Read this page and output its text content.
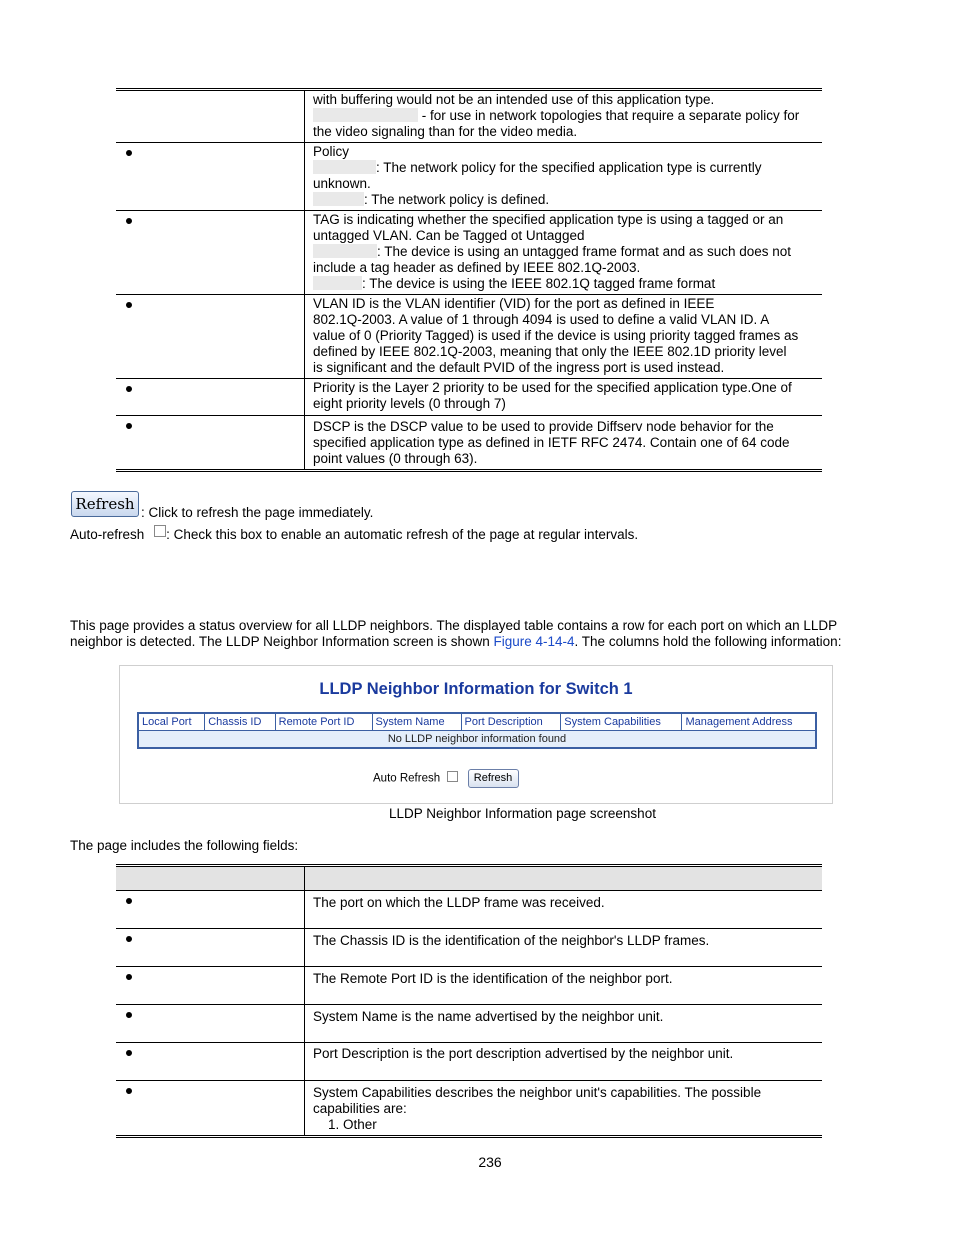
	with buffering would not be an intended use of this application type.
- for use in network topologies that require a separate policy for
the video signaling than for the video media.

	Policy
: The network policy for the specified application type is currently
unknown.
: The network policy is defined.

	TAG is indicating whether the specified application type is using a tagged or an
untagged VLAN. Can be Tagged ot Untagged
: The device is using an untagged frame format and as such does not
include a tag header as defined by IEEE 802.1Q-2003.
: The device is using the IEEE 802.1Q tagged frame format

	VLAN ID is the VLAN identifier (VID) for the port as defined in IEEE
802.1Q-2003. A value of 1 through 4094 is used to define a valid VLAN ID. A
value of 0 (Priority Tagged) is used if the device is using priority tagged frames as
defined by IEEE 802.1Q-2003, meaning that only the IEEE 802.1D priority level
is significant and the default PVID of the ingress port is used instead.

	Priority is the Layer 2 priority to be used for the specified application type.One of
eight priority levels (0 through 7)

	DSCP is the DSCP value to be used to provide Diffserv node behavior for the
specified application type as defined in IETF RFC 2474. Contain one of 64 code
point values (0 through 63).
Refresh : Click to refresh the page immediately.
Auto-refresh : Check this box to enable an automatic refresh of the page at regular intervals.
This page provides a status overview for all LLDP neighbors. The displayed table contains a row for each port on which an LLDP
neighbor is detected. The LLDP Neighbor Information screen is shown Figure 4-14-4. The columns hold the following information:
LLDP Neighbor Information for Switch 1
Local Port	Chassis ID	Remote Port ID	System Name	Port Description	System Capabilities	Management Address
No LLDP neighbor information found
Auto Refresh	Refresh
LLDP Neighbor Information page screenshot
The page includes the following fields:

	The port on which the LLDP frame was received.
	The Chassis ID is the identification of the neighbor's LLDP frames.
	The Remote Port ID is the identification of the neighbor port.
	System Name is the name advertised by the neighbor unit.
	Port Description is the port description advertised by the neighbor unit.

	System Capabilities describes the neighbor unit's capabilities. The possible
capabilities are:
1. Other
236
